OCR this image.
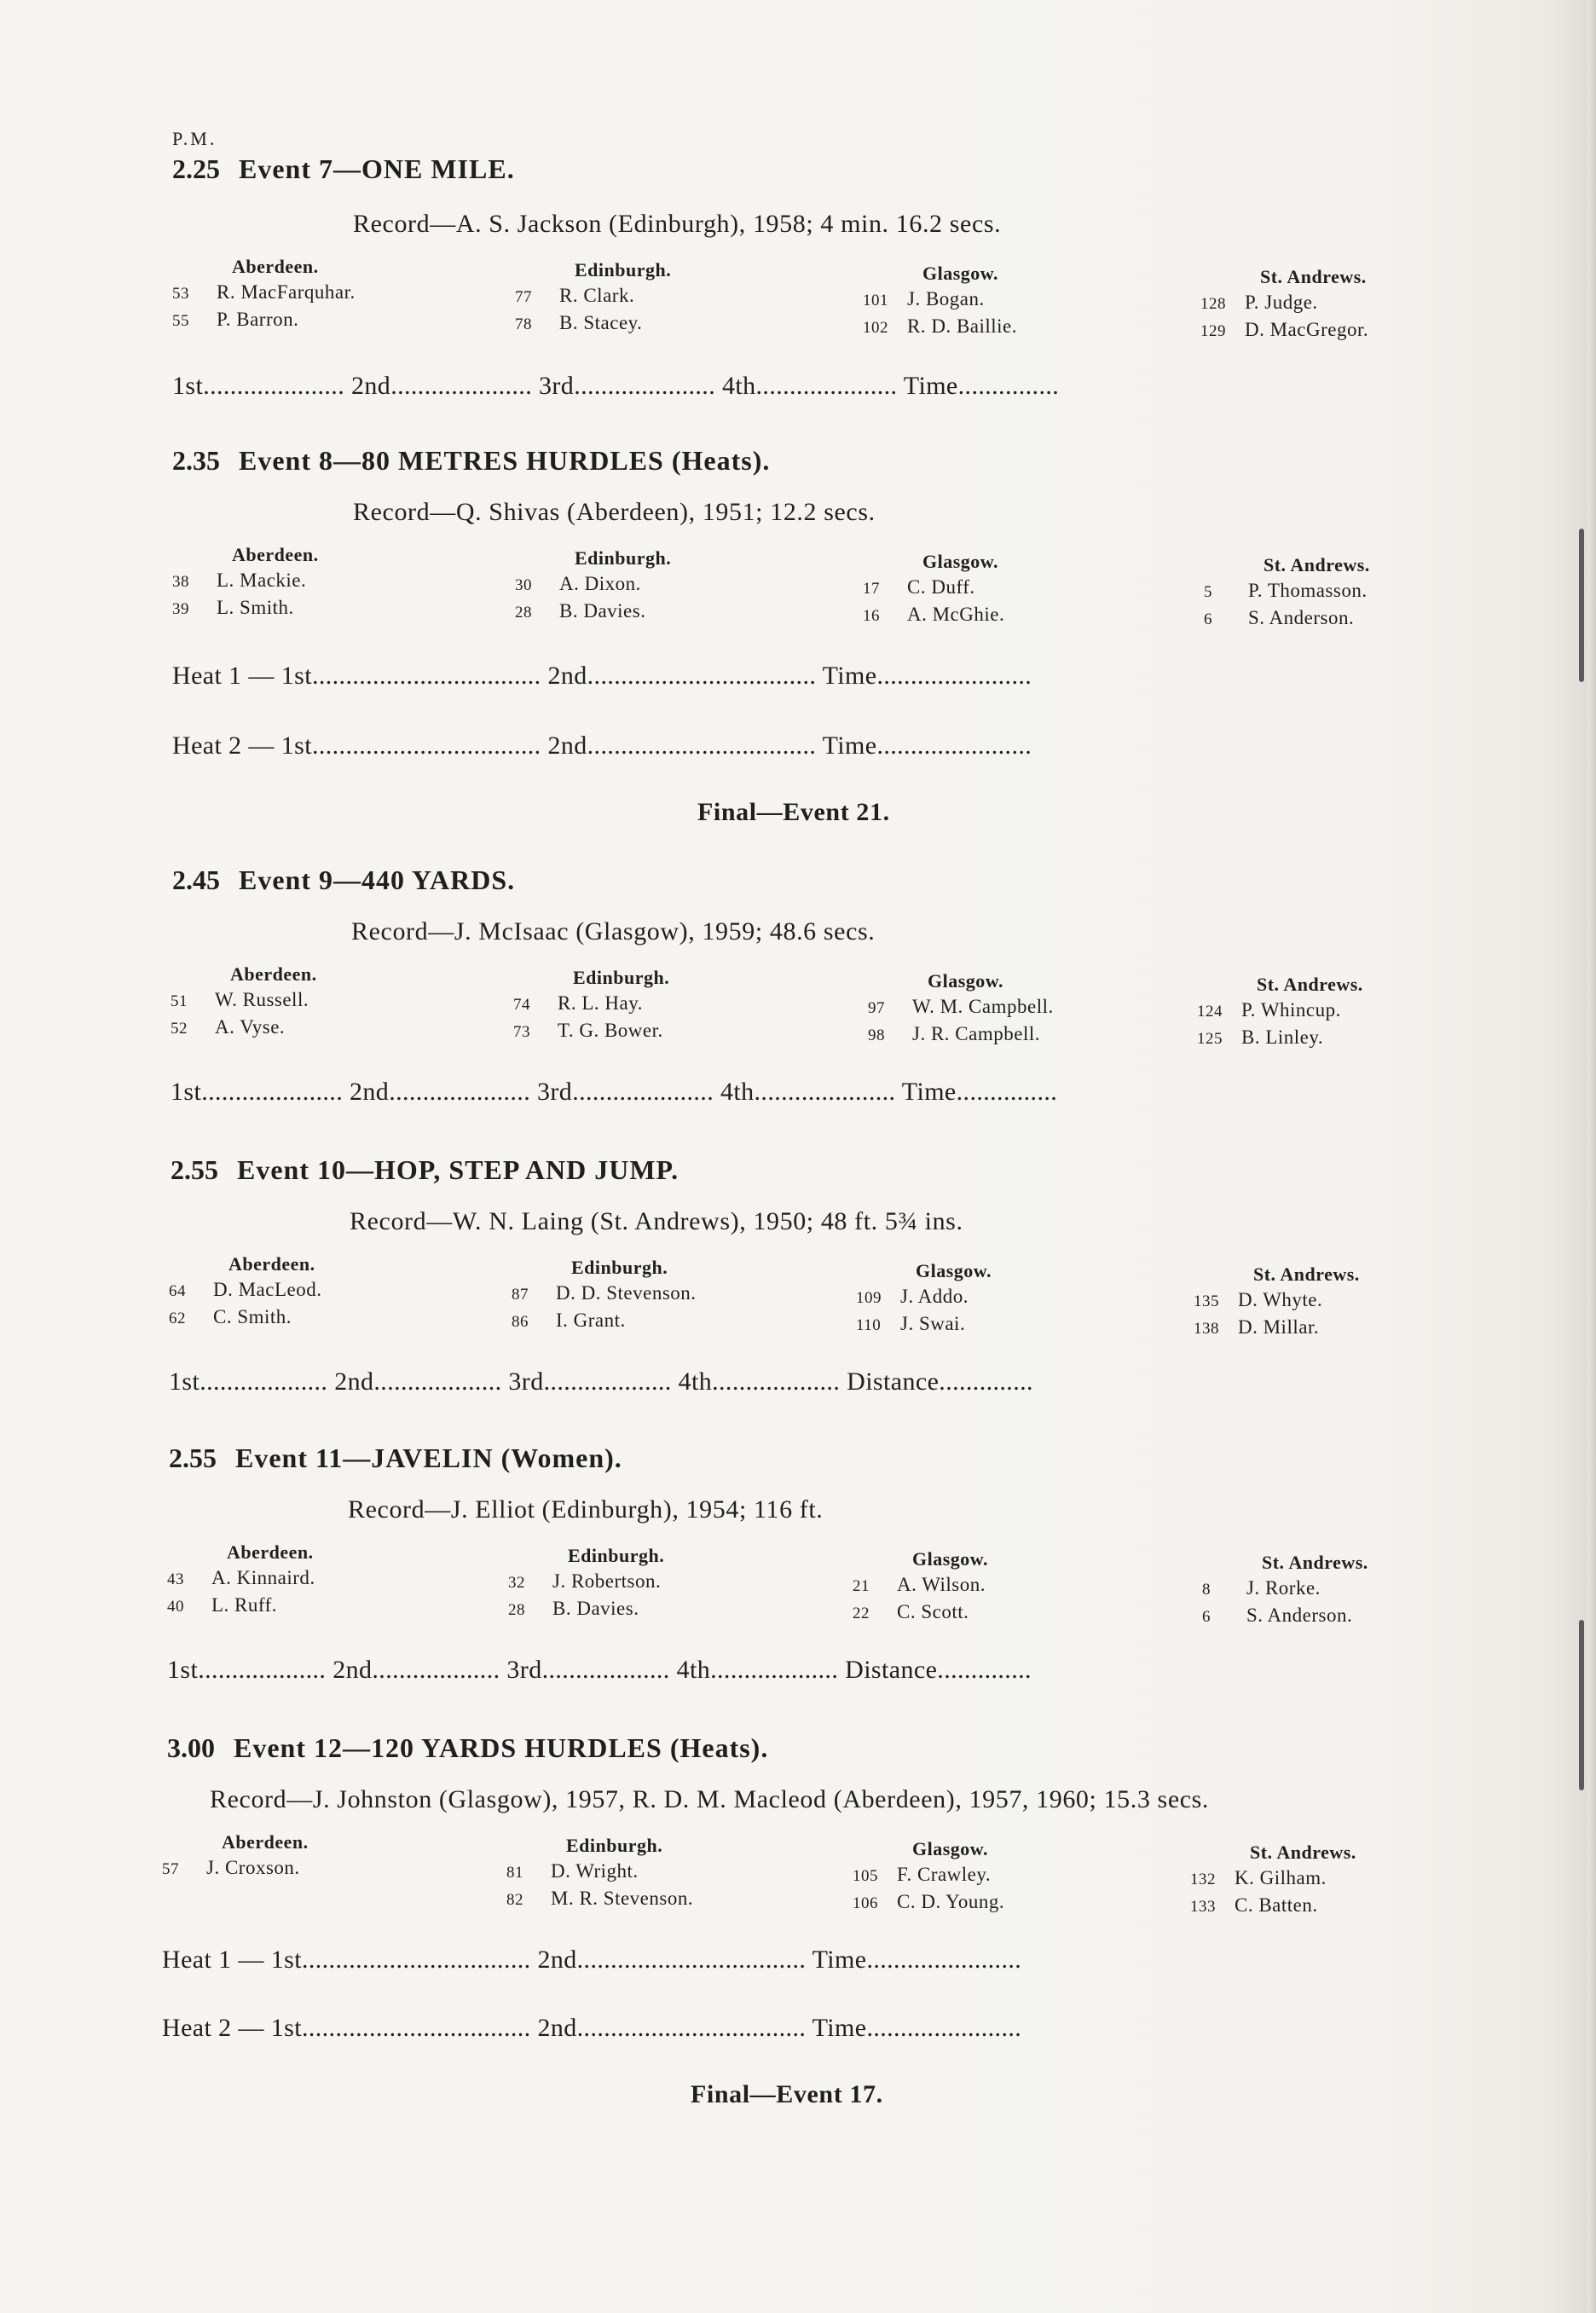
P.M.
2.25 Event 7—ONE MILE.
Record—A. S. Jackson (Edinburgh), 1958; 4 min. 16.2 secs.
Aberdeen.
53 R. MacFarquhar.
55 P. Barron.
Edinburgh.
77 R. Clark.
78 B. Stacey.
Glasgow.
101 J. Bogan.
102 R. D. Baillie.
St. Andrews.
128 P. Judge.
129 D. MacGregor.
1st..................... 2nd..................... 3rd..................... 4th..................... Time...............
2.35 Event 8—80 METRES HURDLES (Heats).
Record—Q. Shivas (Aberdeen), 1951; 12.2 secs.
Aberdeen.
38 L. Mackie.
39 L. Smith.
Edinburgh.
30 A. Dixon.
28 B. Davies.
Glasgow.
17 C. Duff.
16 A. McGhie.
St. Andrews.
5 P. Thomasson.
6 S. Anderson.
Heat 1 — 1st.................................. 2nd.................................. Time.......................
Heat 2 — 1st.................................. 2nd.................................. Time.......................
Final—Event 21.
2.45 Event 9—440 YARDS.
Record—J. McIsaac (Glasgow), 1959; 48.6 secs.
Aberdeen.
51 W. Russell.
52 A. Vyse.
Edinburgh.
74 R. L. Hay.
73 T. G. Bower.
Glasgow.
97 W. M. Campbell.
98 J. R. Campbell.
St. Andrews.
124 P. Whincup.
125 B. Linley.
1st..................... 2nd..................... 3rd..................... 4th..................... Time...............
2.55 Event 10—HOP, STEP AND JUMP.
Record—W. N. Laing (St. Andrews), 1950; 48 ft. 5¾ ins.
Aberdeen.
64 D. MacLeod.
62 C. Smith.
Edinburgh.
87 D. D. Stevenson.
86 I. Grant.
Glasgow.
109 J. Addo.
110 J. Swai.
St. Andrews.
135 D. Whyte.
138 D. Millar.
1st................... 2nd................... 3rd................... 4th................... Distance..............
2.55 Event 11—JAVELIN (Women).
Record—J. Elliot (Edinburgh), 1954; 116 ft.
Aberdeen.
43 A. Kinnaird.
40 L. Ruff.
Edinburgh.
32 J. Robertson.
28 B. Davies.
Glasgow.
21 A. Wilson.
22 C. Scott.
St. Andrews.
8 J. Rorke.
6 S. Anderson.
1st................... 2nd................... 3rd................... 4th................... Distance..............
3.00 Event 12—120 YARDS HURDLES (Heats).
Record—J. Johnston (Glasgow), 1957, R. D. M. Macleod (Aberdeen), 1957, 1960; 15.3 secs.
Aberdeen.
57 J. Croxson.
Edinburgh.
81 D. Wright.
82 M. R. Stevenson.
Glasgow.
105 F. Crawley.
106 C. D. Young.
St. Andrews.
132 K. Gilham.
133 C. Batten.
Heat 1 — 1st.................................. 2nd.................................. Time.......................
Heat 2 — 1st.................................. 2nd.................................. Time.......................
Final—Event 17.
